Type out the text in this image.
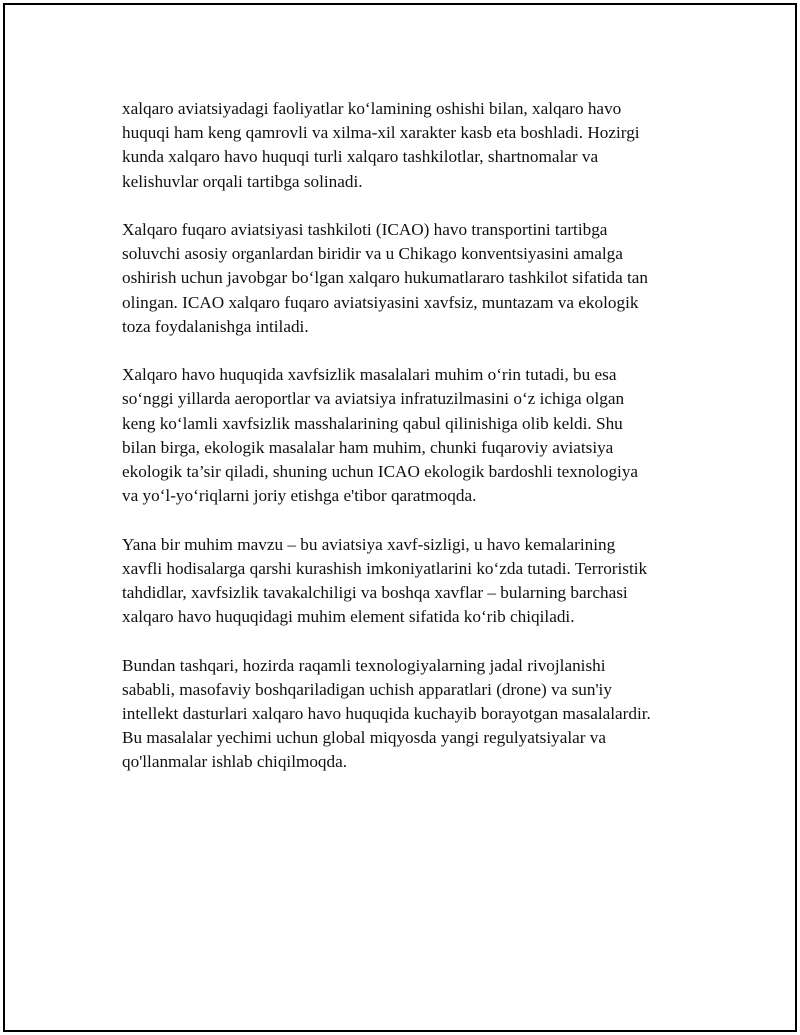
xalqaro aviatsiyadagi faoliyatlar ko‘lamining oshishi bilan, xalqaro havo
huquqi ham keng qamrovli va xilma-xil xarakter kasb eta boshladi. Hozirgi
kunda xalqaro havo huquqi turli xalqaro tashkilotlar, shartnomalar va
kelishuvlar orqali tartibga solinadi.

Xalqaro fuqaro aviatsiyasi tashkiloti (ICAO) havo transportini tartibga
soluvchi asosiy organlardan biridir va u Chikago konventsiyasini amalga
oshirish uchun javobgar bo‘lgan xalqaro hukumatlararo tashkilot sifatida tan
olingan. ICAO xalqaro fuqaro aviatsiyasini xavfsiz, muntazam va ekologik
toza foydalanishga intiladi.

Xalqaro havo huquqida xavfsizlik masalalari muhim o‘rin tutadi, bu esa
so‘nggi yillarda aeroportlar va aviatsiya infratuzilmasini o‘z ichiga olgan
keng ko‘lamli xavfsizlik masshalarining qabul qilinishiga olib keldi. Shu
bilan birga, ekologik masalalar ham muhim, chunki fuqaroviy aviatsiya
ekologik ta’sir qiladi, shuning uchun ICAO ekologik bardoshli texnologiya
va yo‘l-yo‘riqlarni joriy etishga e'tibor qaratmoqda.

Yana bir muhim mavzu – bu aviatsiya xavf-sizligi, u havo kemalarining
xavfli hodisalarga qarshi kurashish imkoniyatlarini ko‘zda tutadi. Terroristik
tahdidlar, xavfsizlik tavakalchiligi va boshqa xavflar – bularning barchasi
xalqaro havo huquqidagi muhim element sifatida ko‘rib chiqiladi.

Bundan tashqari, hozirda raqamli texnologiyalarning jadal rivojlanishi
sababli, masofaviy boshqariladigan uchish apparatlari (drone) va sun'iy
intellekt dasturlari xalqaro havo huquqida kuchayib borayotgan masalalardir.
Bu masalalar yechimi uchun global miqyosda yangi regulyatsiyalar va
qo'llanmalar ishlab chiqilmoqda.
